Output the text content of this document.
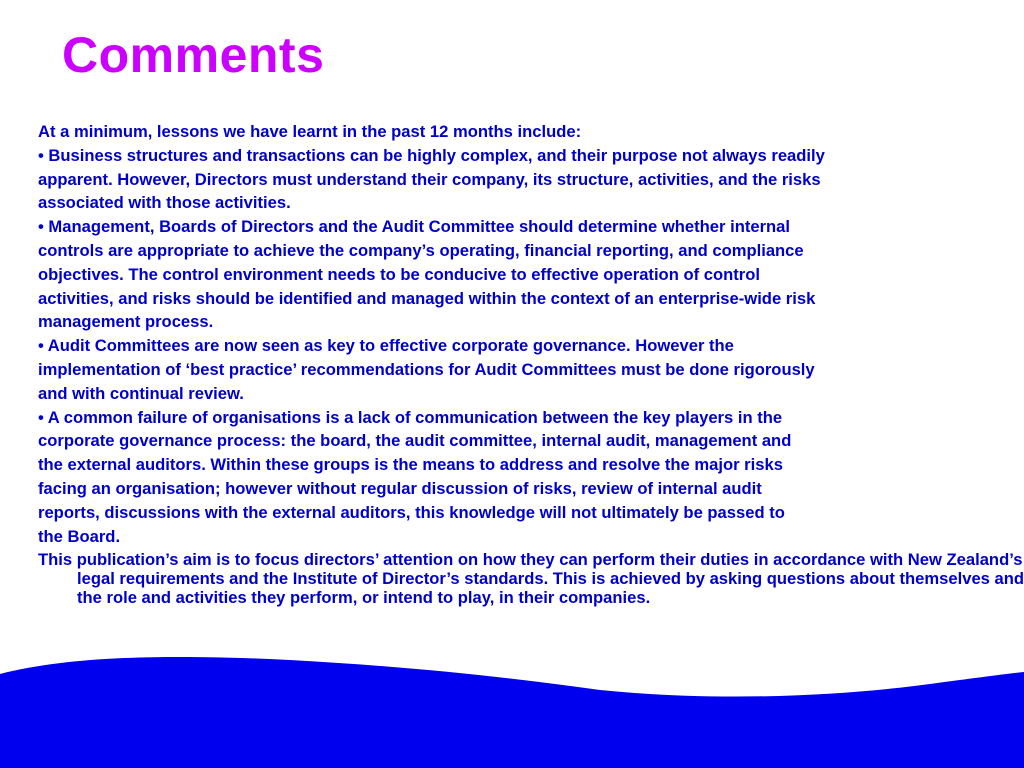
Comments
At a minimum, lessons we have learnt in the past 12 months include:
• Business structures and transactions can be highly complex, and their purpose not always readily
apparent. However, Directors must understand their company, its structure, activities, and the risks
associated with those activities.
• Management, Boards of Directors and the Audit Committee should determine whether internal
controls are appropriate to achieve the company’s operating, financial reporting, and compliance
objectives. The control environment needs to be conducive to effective operation of control
activities, and risks should be identified and managed within the context of an enterprise-wide risk
management process.
• Audit Committees are now seen as key to effective corporate governance. However the
implementation of ‘best practice’ recommendations for Audit Committees must be done rigorously
and with continual review.
• A common failure of organisations is a lack of communication between the key players in the
corporate governance process: the board, the audit committee, internal audit, management and
the external auditors. Within these groups is the means to address and resolve the major risks
facing an organisation; however without regular discussion of risks, review of internal audit
reports, discussions with the external auditors, this knowledge will not ultimately be passed to
the Board.
This publication’s aim is to focus directors’ attention on how they can perform their duties in accordance with New Zealand’s legal requirements and the Institute of Director’s standards. This is achieved by asking questions about themselves and the role and activities they perform, or intend to play, in their companies.
